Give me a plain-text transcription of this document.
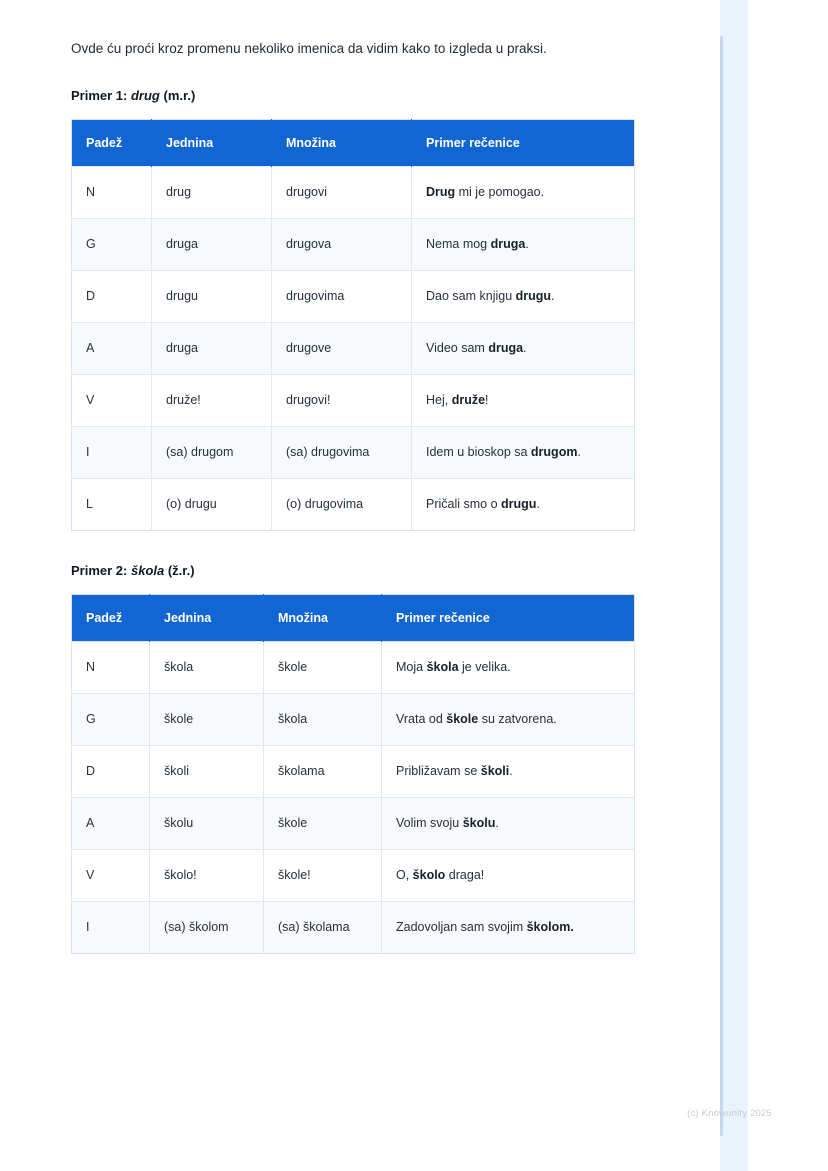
Ovde ću proći kroz promenu nekoliko imenica da vidim kako to izgleda u praksi.

Primer 1: drug (m.r.)
Padež	Jednina	Množina	Primer rečenice
N	drug	drugovi	Drug mi je pomogao.
G	druga	drugova	Nema mog druga.
D	drugu	drugovima	Dao sam knjigu drugu.
A	druga	drugove	Video sam druga.
V	druže!	drugovi!	Hej, druže!
I	(sa) drugom	(sa) drugovima	Idem u bioskop sa drugom.
L	(o) drugu	(o) drugovima	Pričali smo o drugu.
Primer 2: škola (ž.r.)
Padež	Jednina	Množina	Primer rečenice
N	škola	škole	Moja škola je velika.
G	škole	škola	Vrata od škole su zatvorena.
D	školi	školama	Približavam se školi.
A	školu	škole	Volim svoju školu.
V	školo!	škole!	O, školo draga!
I	(sa) školom	(sa) školama	Zadovoljan sam svojim školom.
(c) Knowunity 2025
